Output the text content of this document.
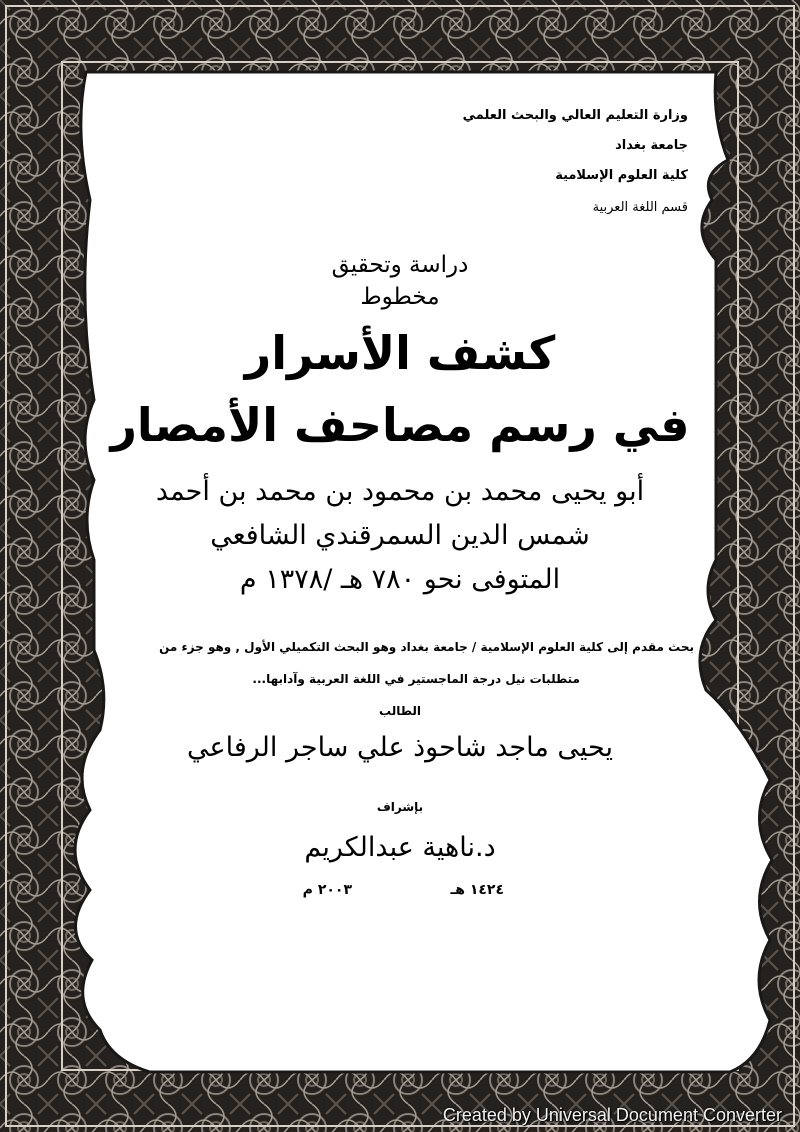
وزارة التعليم العالي والبحث العلمي
جامعة بغداد
كلية العلوم الإسلامية
قسم اللغة العربية
دراسة وتحقيق
مخطوط
كشف الأسرار
في رسم مصاحف الأمصار
أبو يحيى محمد بن محمود بن محمد بن أحمد
شمس الدين السمرقندي الشافعي
المتوفى نحو ٧٨٠ هـ /١٣٧٨ م
بحث مقدم إلى كلية العلوم الإسلامية / جامعة بغداد وهو البحث التكميلي الأول , وهو جزء من
متطلبات نيل درجة الماجستير في اللغة العربية وآدابها...
الطالب
يحيى ماجد شاحوذ علي ساجر الرفاعي
بإشراف
د.ناهية عبدالكريم
١٤٢٤ هـ
٢٠٠٣ م
Created by Universal Document Converter
